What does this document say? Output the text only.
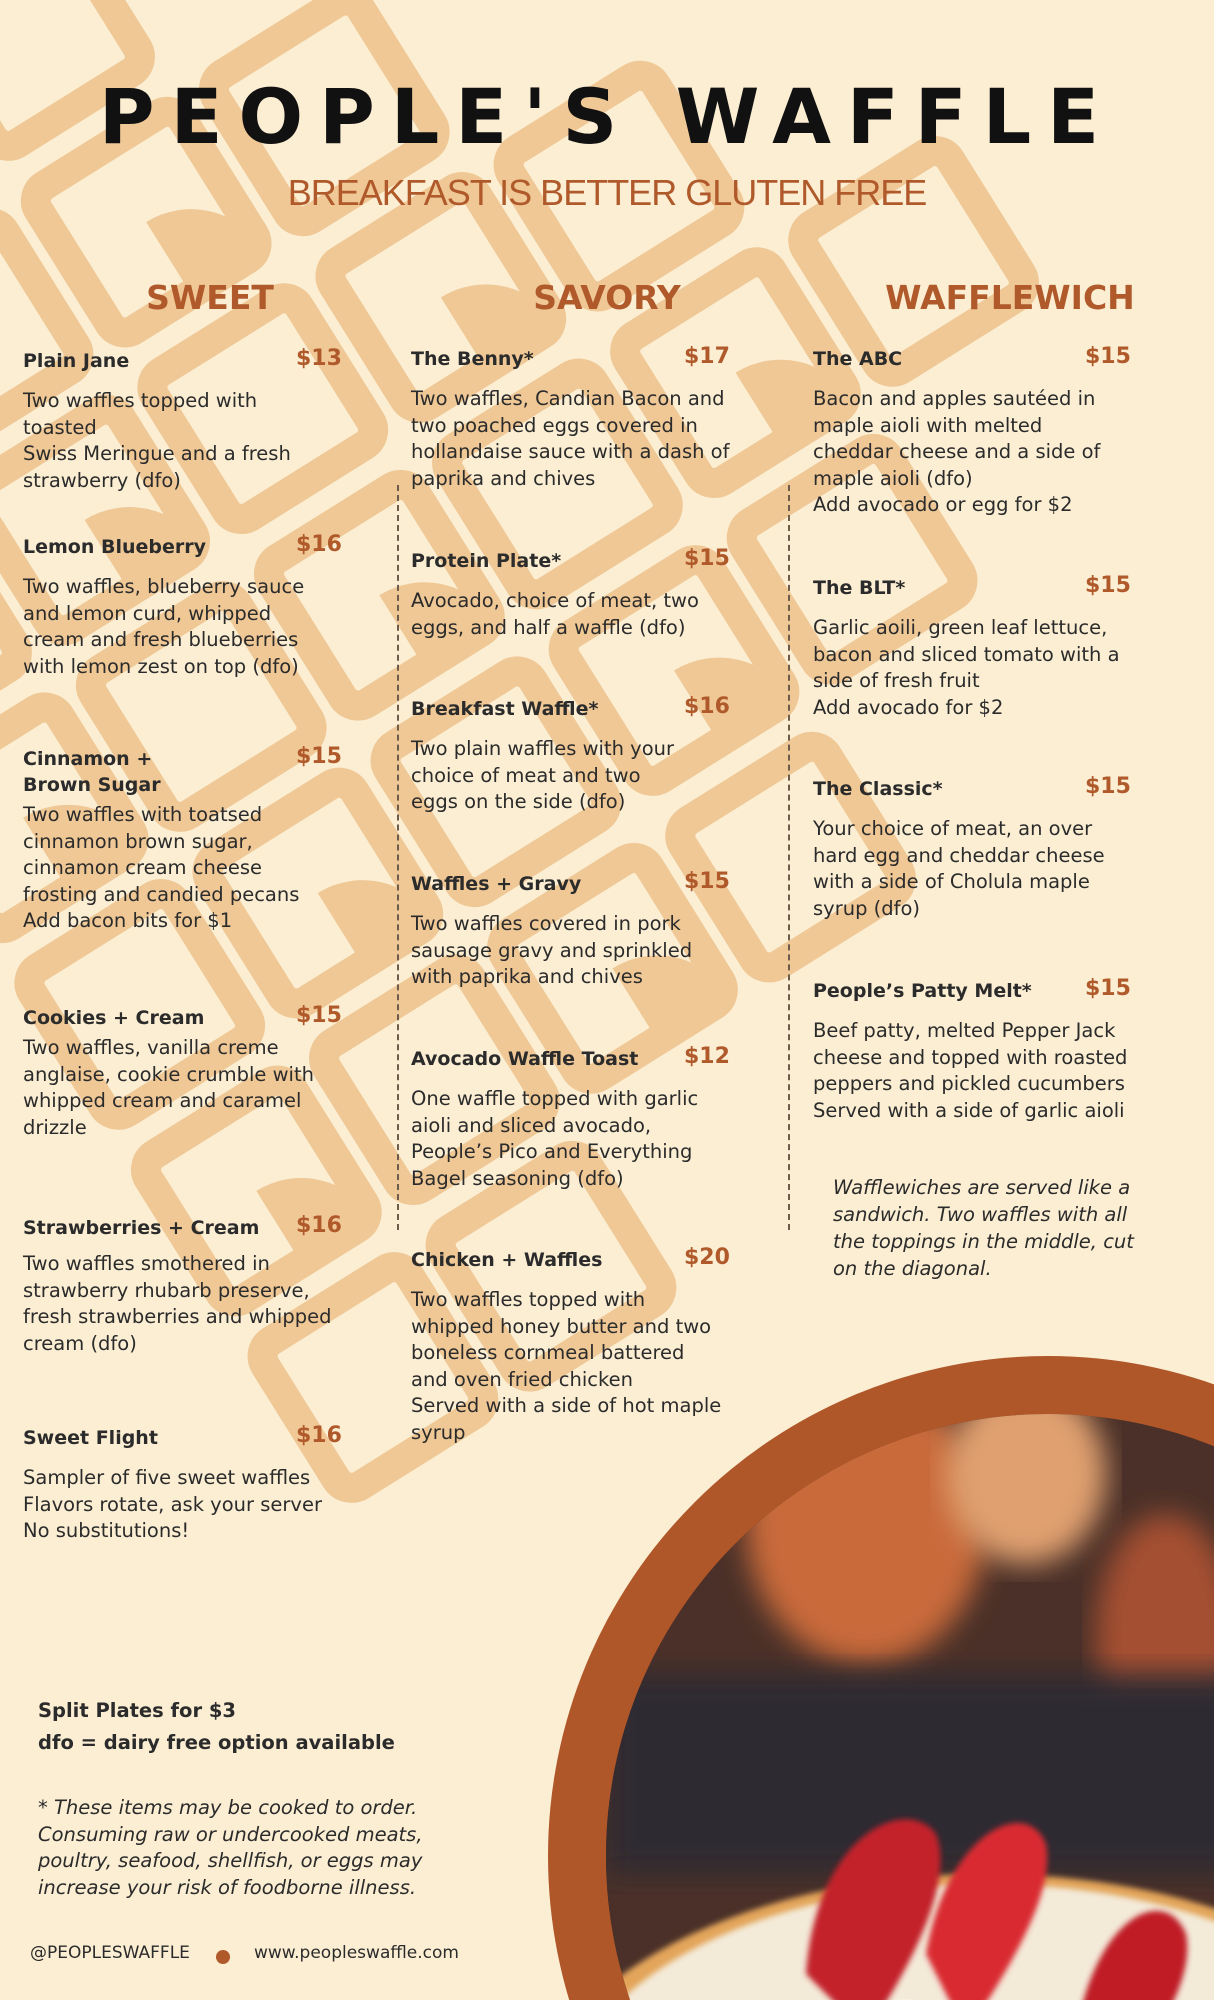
PEOPLE'S WAFFLE
BREAKFAST IS BETTER GLUTEN FREE
SWEET
Plain Jane	$13
Two waffles topped with toasted
Swiss Meringue and a fresh
strawberry (dfo)
Lemon Blueberry	$16
Two waffles, blueberry sauce
and lemon curd, whipped
cream and fresh blueberries
with lemon zest on top (dfo)
Cinnamon +
Brown Sugar
$15
Two waffles with toatsed
cinnamon brown sugar,
cinnamon cream cheese
frosting and candied pecans
Add bacon bits for $1
Cookies + Cream	$15
Two waffles, vanilla creme
anglaise, cookie crumble with
whipped cream and caramel
drizzle
Strawberries + Cream $16
Two waffles smothered in
strawberry rhubarb preserve,
fresh strawberries and whipped
cream (dfo)
Sweet Flight	$16
Sampler of five sweet waffles
Flavors rotate, ask your server
No substitutions!
SAVORY
The Benny*	$17
Two waffles, Candian Bacon and
two poached eggs covered in
hollandaise sauce with a dash of
paprika and chives
Protein Plate*	$15
Avocado, choice of meat, two
eggs, and half a waffle (dfo)
Breakfast Waffle*	$16
Two plain waffles with your
choice of meat and two
eggs on the side (dfo)
Waffles + Gravy	$15
Two waffles covered in pork
sausage gravy and sprinkled
with paprika and chives
Avocado Waffle Toast $12
One waffle topped with garlic
aioli and sliced avocado,
People’s Pico and Everything
Bagel seasoning (dfo)
Chicken + Waffles	$20
Two waffles topped with
whipped honey butter and two
boneless cornmeal battered
and oven fried chicken
Served with a side of hot maple
syrup
WAFFLEWICH
The ABC	$15
Bacon and apples sautéed in
maple aioli with melted
cheddar cheese and a side of
maple aioli (dfo)
Add avocado or egg for $2
The BLT*	$15
Garlic aoili, green leaf lettuce,
bacon and sliced tomato with a
side of fresh fruit
Add avocado for $2
The Classic*	$15
Your choice of meat, an over
hard egg and cheddar cheese
with a side of Cholula maple
syrup (dfo)
People’s Patty Melt* $15
Beef patty, melted Pepper Jack
cheese and topped with roasted
peppers and pickled cucumbers
Served with a side of garlic aioli
Wafflewiches are served like a
sandwich. Two waffles with all
the toppings in the middle, cut
on the diagonal.
Split Plates for $3
dfo = dairy free option available
* These items may be cooked to order.
Consuming raw or undercooked meats,
poultry, seafood, shellfish, or eggs may
increase your risk of foodborne illness.
@PEOPLESWAFFLE	www.peopleswaffle.com
